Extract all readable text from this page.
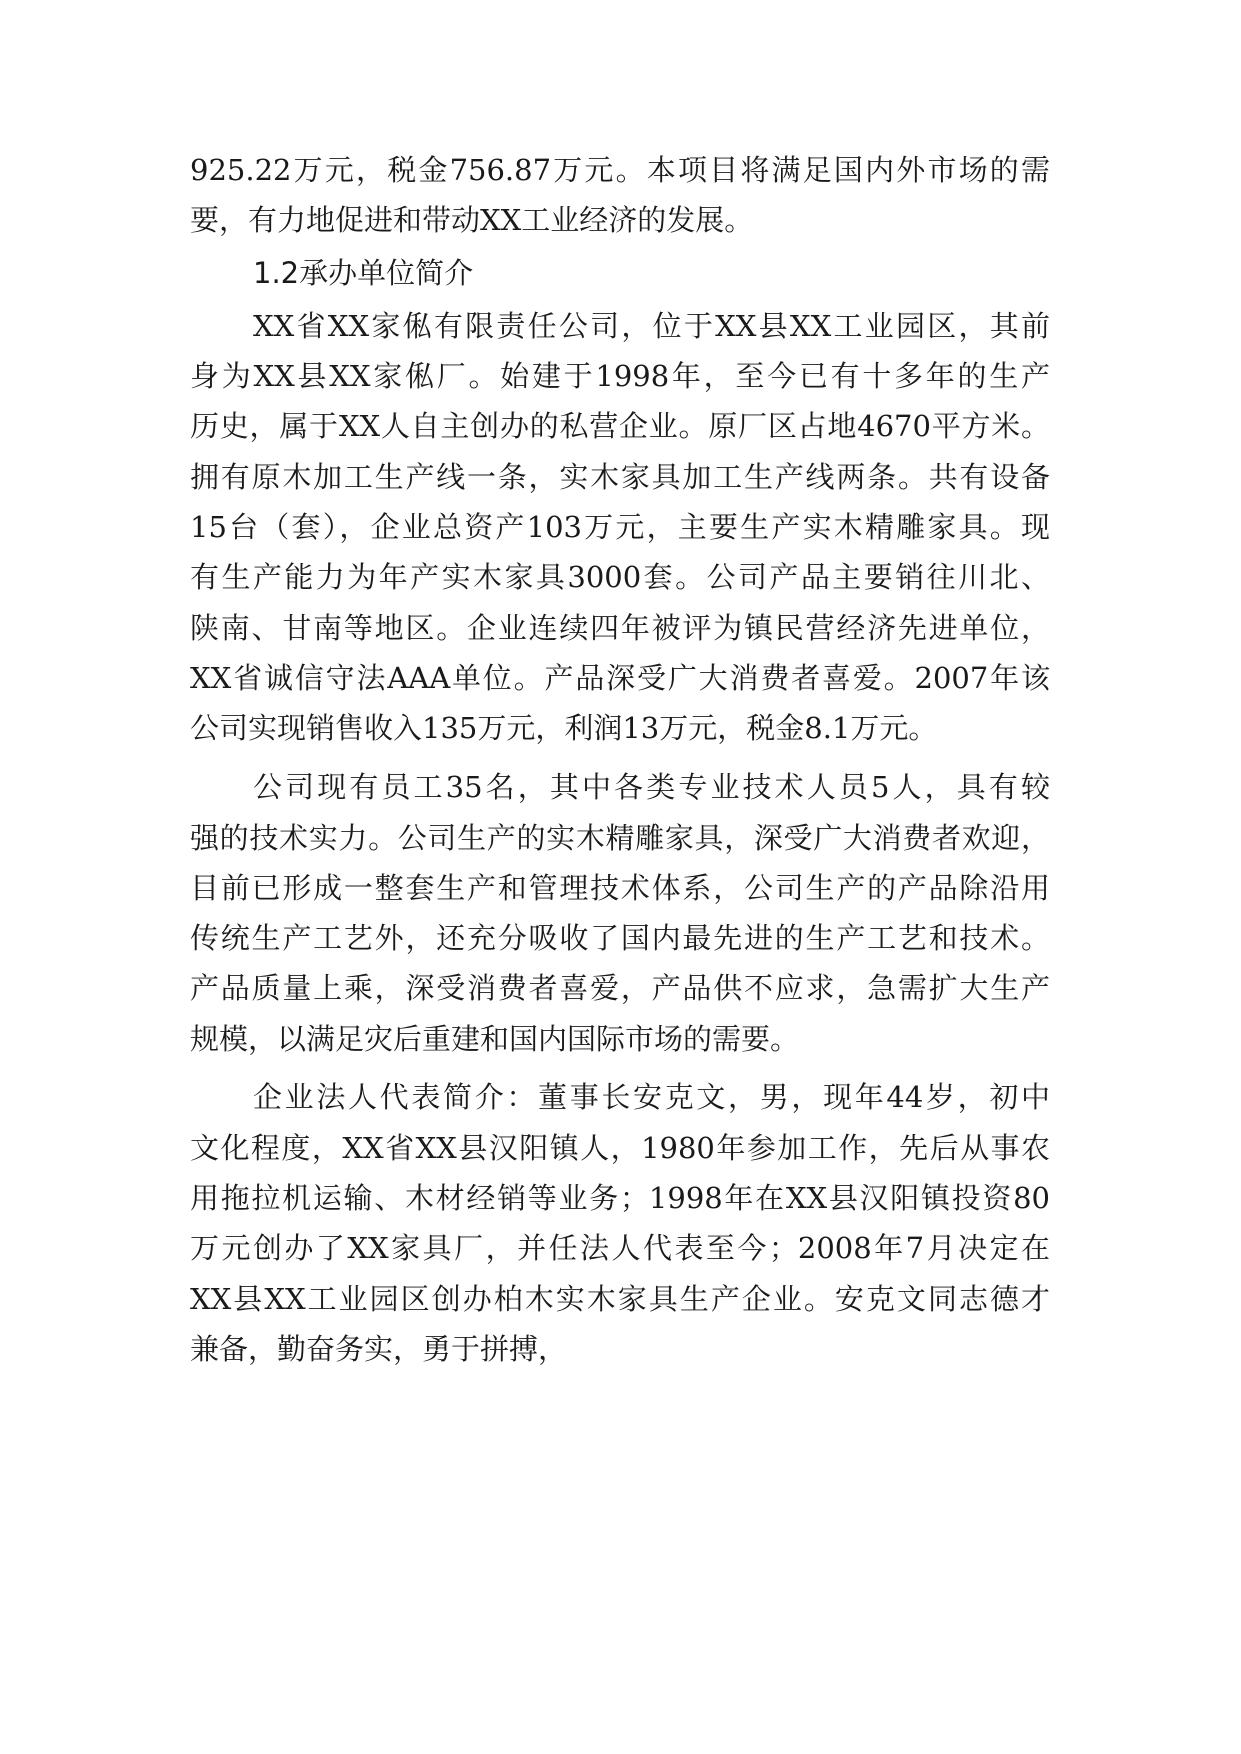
925.22万元，税金756.87万元。本项目将满足国内外市场的需
要，有力地促进和带动XX工业经济的发展。
1.2承办单位简介
XX省XX家俬有限责任公司，位于XX县XX工业园区，其前
身为XX县XX家俬厂。始建于1998年，至今已有十多年的生产
历史，属于XX人自主创办的私营企业。原厂区占地4670平方米。
拥有原木加工生产线一条，实木家具加工生产线两条。共有设备
15台（套），企业总资产103万元，主要生产实木精雕家具。现
有生产能力为年产实木家具3000套。公司产品主要销往川北、
陕南、甘南等地区。企业连续四年被评为镇民营经济先进单位，
XX省诚信守法AAA单位。产品深受广大消费者喜爱。2007年该
公司实现销售收入135万元，利润13万元，税金8.1万元。
公司现有员工35名，其中各类专业技术人员5人，具有较
强的技术实力。公司生产的实木精雕家具，深受广大消费者欢迎，
目前已形成一整套生产和管理技术体系，公司生产的产品除沿用
传统生产工艺外，还充分吸收了国内最先进的生产工艺和技术。
产品质量上乘，深受消费者喜爱，产品供不应求，急需扩大生产
规模，以满足灾后重建和国内国际市场的需要。
企业法人代表简介：董事长安克文，男，现年44岁，初中
文化程度，XX省XX县汉阳镇人，1980年参加工作，先后从事农
用拖拉机运输、木材经销等业务；1998年在XX县汉阳镇投资80
万元创办了XX家具厂，并任法人代表至今；2008年7月决定在
XX县XX工业园区创办柏木实木家具生产企业。安克文同志德才
兼备，勤奋务实，勇于拼搏，
